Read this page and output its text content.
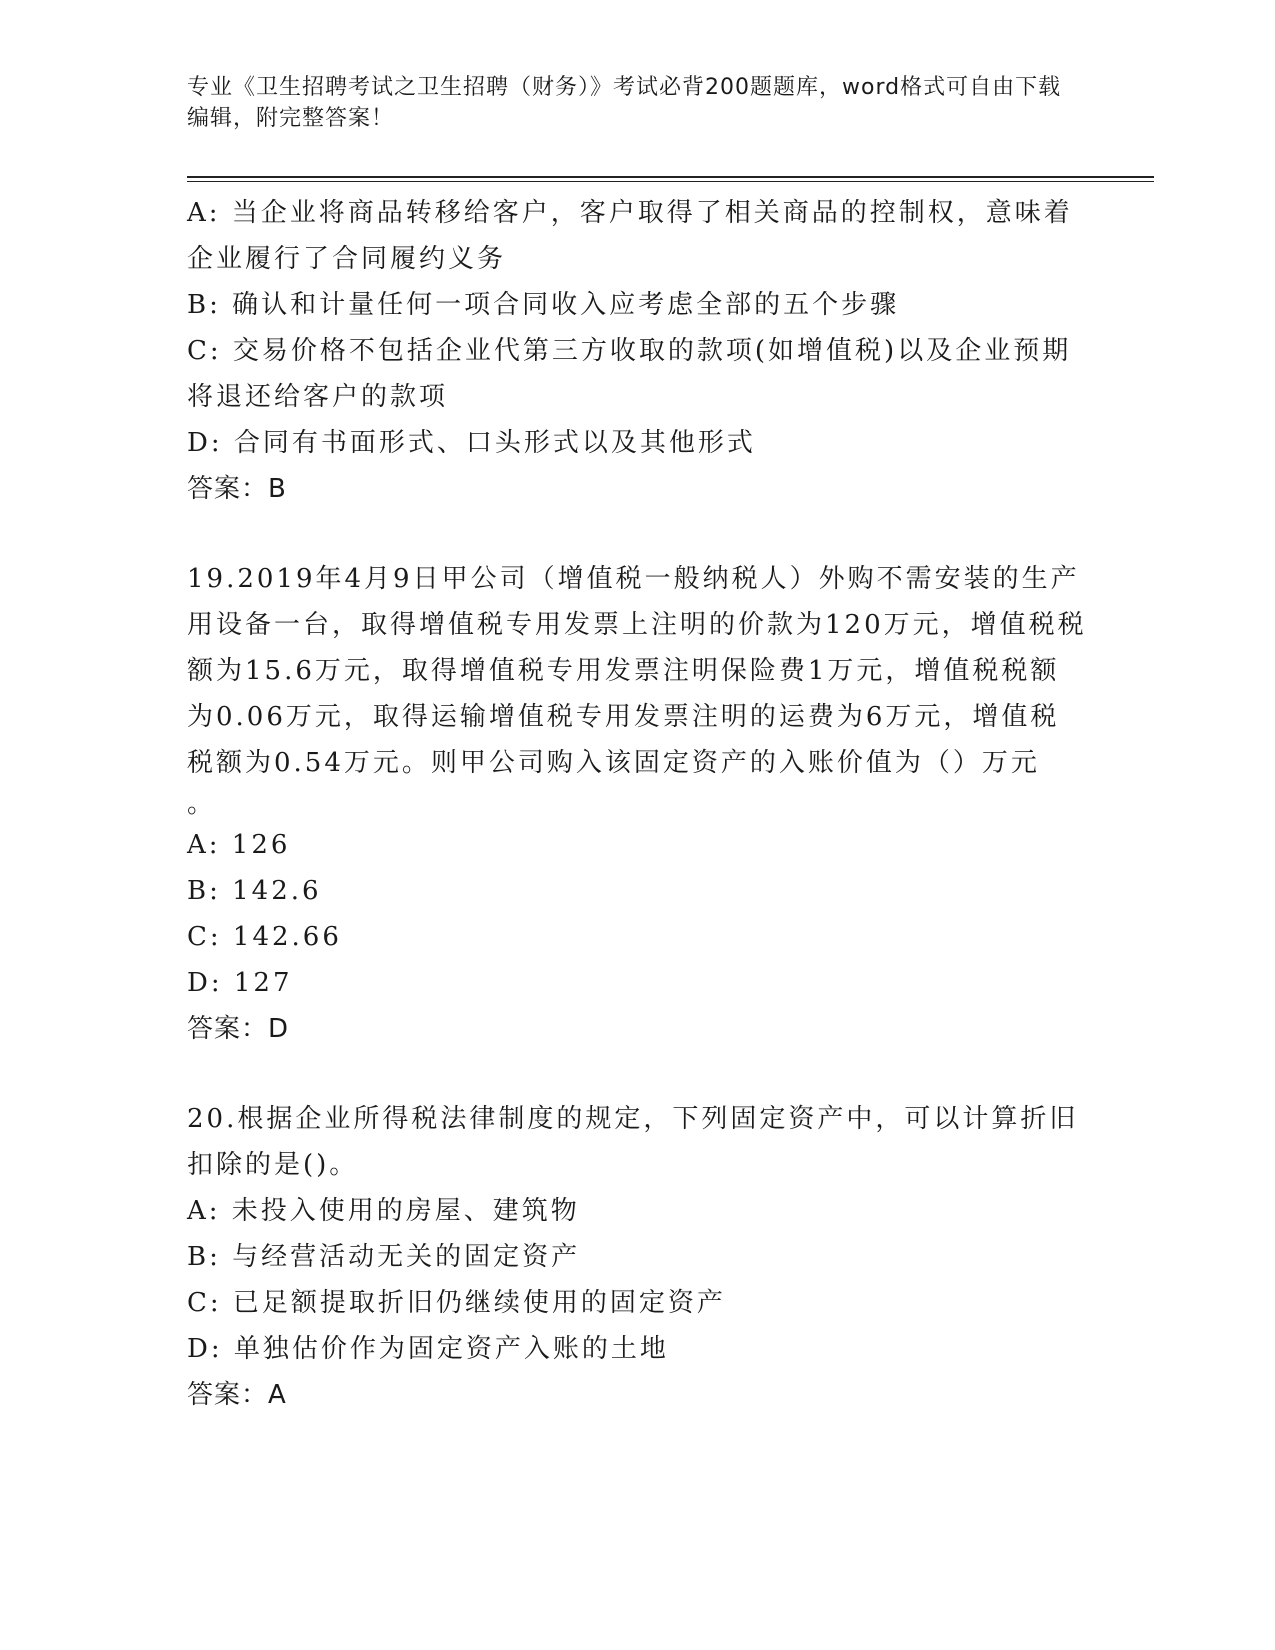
专业《卫生招聘考试之卫生招聘（财务）》考试必背200题题库，word格式可自由下载编辑，附完整答案！
A: 当企业将商品转移给客户，客户取得了相关商品的控制权，意味着企业履行了合同履约义务
B: 确认和计量任何一项合同收入应考虑全部的五个步骤
C: 交易价格不包括企业代第三方收取的款项(如增值税)以及企业预期将退还给客户的款项
D: 合同有书面形式、口头形式以及其他形式
答案：B
19.2019年4月9日甲公司（增值税一般纳税人）外购不需安装的生产用设备一台，取得增值税专用发票上注明的价款为120万元，增值税税额为15.6万元，取得增值税专用发票注明保险费1万元，增值税税额为0.06万元，取得运输增值税专用发票注明的运费为6万元，增值税税额为0.54万元。则甲公司购入该固定资产的入账价值为（）万元
。
A: 126
B: 142.6
C: 142.66
D: 127
答案：D
20.根据企业所得税法律制度的规定，下列固定资产中，可以计算折旧扣除的是()。
A: 未投入使用的房屋、建筑物
B: 与经营活动无关的固定资产
C: 已足额提取折旧仍继续使用的固定资产
D: 单独估价作为固定资产入账的土地
答案：A
